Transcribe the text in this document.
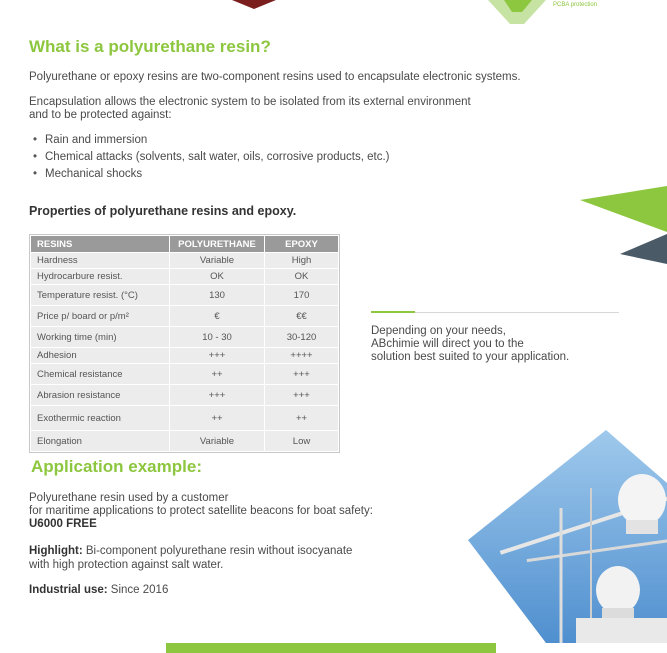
PCBA protection
What is a polyurethane resin?
Polyurethane or epoxy resins are two-component resins used to encapsulate electronic systems.
Encapsulation allows the electronic system to be isolated from its external environment
and to be protected against:
• Rain and immersion
• Chemical attacks (solvents, salt water, oils, corrosive products, etc.)
• Mechanical shocks
Properties of polyurethane resins and epoxy.
RESINS	POLYURETHANE	EPOXY
Hardness	Variable	High
Hydrocarbure resist.	OK	OK
Temperature resist. (°C)	130	170
Price p/ board or p/m²	€	€€
Working time (min)	10 - 30	30-120
Adhesion	+++	++++
Chemical resistance	++	+++
Abrasion resistance	+++	+++
Exothermic reaction	++	++
Elongation	Variable	Low
Depending on your needs,
ABchimie will direct you to the
solution best suited to your application.
Application example:
Polyurethane resin used by a customer
for maritime applications to protect satellite beacons for boat safety:
U6000 FREE
Highlight: Bi-component polyurethane resin without isocyanate
with high protection against salt water.
Industrial use: Since 2016
